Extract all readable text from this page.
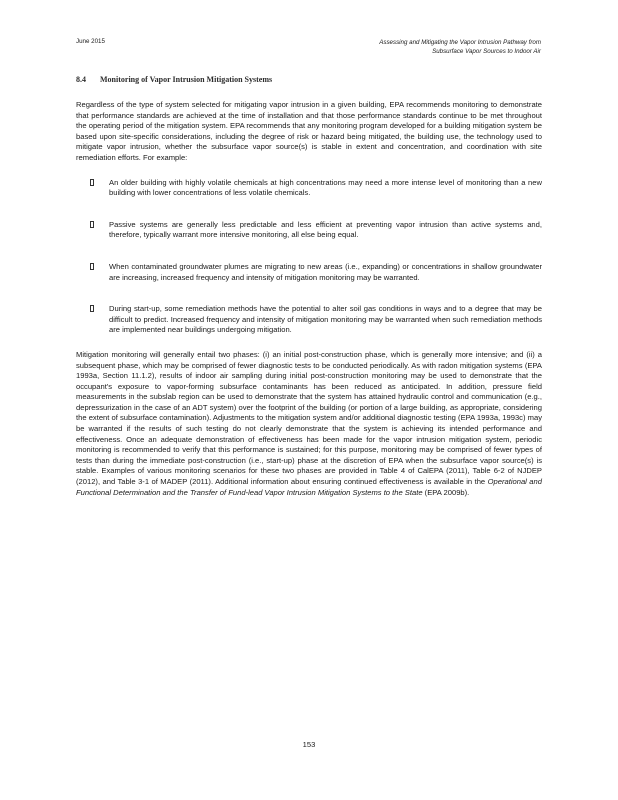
June 2015	Assessing and Mitigating the Vapor Intrusion Pathway from
Subsurface Vapor Sources to Indoor Air
8.4 Monitoring of Vapor Intrusion Mitigation Systems

Regardless of the type of system selected for mitigating vapor intrusion in a given building, EPA recommends monitoring to demonstrate that performance standards are achieved at the time of installation and that those performance standards continue to be met throughout the operating period of the mitigation system. EPA recommends that any monitoring program developed for a building mitigation system be based upon site-specific considerations, including the degree of risk or hazard being mitigated, the building use, the technology used to mitigate vapor intrusion, whether the subsurface vapor source(s) is stable in extent and concentration, and coordination with site remediation efforts. For example:

An older building with highly volatile chemicals at high concentrations may need a more intense level of monitoring than a new building with lower concentrations of less volatile chemicals.
Passive systems are generally less predictable and less efficient at preventing vapor intrusion than active systems and, therefore, typically warrant more intensive monitoring, all else being equal.
When contaminated groundwater plumes are migrating to new areas (i.e., expanding) or concentrations in shallow groundwater are increasing, increased frequency and intensity of mitigation monitoring may be warranted.
During start-up, some remediation methods have the potential to alter soil gas conditions in ways and to a degree that may be difficult to predict. Increased frequency and intensity of mitigation monitoring may be warranted when such remediation methods are implemented near buildings undergoing mitigation.

Mitigation monitoring will generally entail two phases: (i) an initial post-construction phase, which is generally more intensive; and (ii) a subsequent phase, which may be comprised of fewer diagnostic tests to be conducted periodically. As with radon mitigation systems (EPA 1993a, Section 11.1.2), results of indoor air sampling during initial post-construction monitoring may be used to demonstrate that the occupant's exposure to vapor-forming subsurface contaminants has been reduced as anticipated. In addition, pressure field measurements in the subslab region can be used to demonstrate that the system has attained hydraulic control and communication (e.g., depressurization in the case of an ADT system) over the footprint of the building (or portion of a large building, as appropriate, considering the extent of subsurface contamination). Adjustments to the mitigation system and/or additional diagnostic testing (EPA 1993a, 1993c) may be warranted if the results of such testing do not clearly demonstrate that the system is achieving its intended performance and effectiveness. Once an adequate demonstration of effectiveness has been made for the vapor intrusion mitigation system, periodic monitoring is recommended to verify that this performance is sustained; for this purpose, monitoring may be comprised of fewer types of tests than during the immediate post-construction (i.e., start-up) phase at the discretion of EPA when the subsurface vapor source(s) is stable. Examples of various monitoring scenarios for these two phases are provided in Table 4 of CalEPA (2011), Table 6-2 of NJDEP (2012), and Table 3-1 of MADEP (2011). Additional information about ensuring continued effectiveness is available in the Operational and Functional Determination and the Transfer of Fund-lead Vapor Intrusion Mitigation Systems to the State (EPA 2009b).

153
